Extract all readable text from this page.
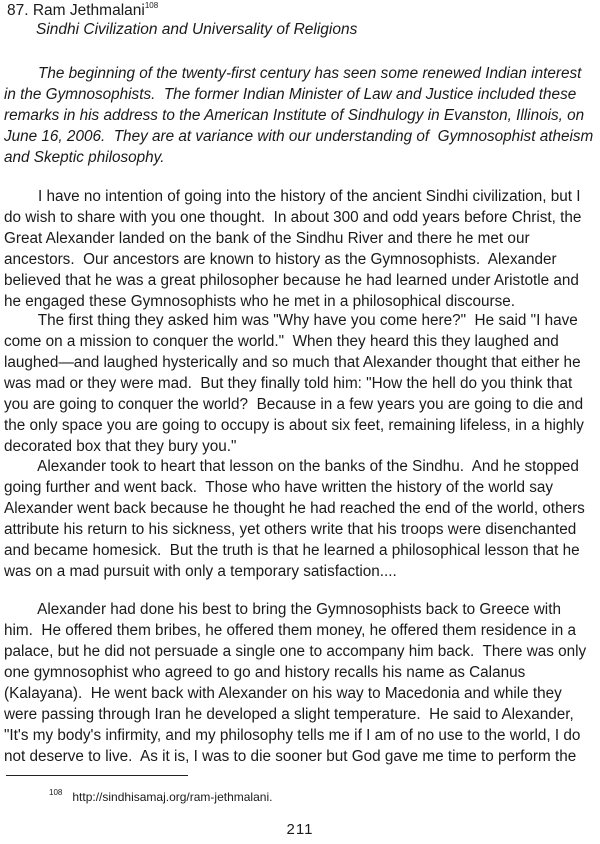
87. Ram Jethmalani$^{108}$
Sindhi Civilization and Universality of Religions
The beginning of the twenty-first century has seen some renewed Indian interest
in the Gymnosophists.  The former Indian Minister of Law and Justice included these
remarks in his address to the American Institute of Sindhulogy in Evanston, Illinois, on
June 16, 2006.  They are at variance with our understanding of  Gymnosophist atheism
and Skeptic philosophy.
I have no intention of going into the history of the ancient Sindhi civilization, but I
do wish to share with you one thought.  In about 300 and odd years before Christ, the
Great Alexander landed on the bank of the Sindhu River and there he met our
ancestors.  Our ancestors are known to history as the Gymnosophists.  Alexander
believed that he was a great philosopher because he had learned under Aristotle and
he engaged these Gymnosophists who he met in a philosophical discourse.
The first thing they asked him was "Why have you come here?"  He said "I have
come on a mission to conquer the world."  When they heard this they laughed and
laughed—and laughed hysterically and so much that Alexander thought that either he
was mad or they were mad.  But they finally told him: "How the hell do you think that
you are going to conquer the world?  Because in a few years you are going to die and
the only space you are going to occupy is about six feet, remaining lifeless, in a highly
decorated box that they bury you."
Alexander took to heart that lesson on the banks of the Sindhu.  And he stopped
going further and went back.  Those who have written the history of the world say
Alexander went back because he thought he had reached the end of the world, others
attribute his return to his sickness, yet others write that his troops were disenchanted
and became homesick.  But the truth is that he learned a philosophical lesson that he
was on a mad pursuit with only a temporary satisfaction....
Alexander had done his best to bring the Gymnosophists back to Greece with
him.  He offered them bribes, he offered them money, he offered them residence in a
palace, but he did not persuade a single one to accompany him back.  There was only
one gymnosophist who agreed to go and history recalls his name as Calanus
(Kalayana).  He went back with Alexander on his way to Macedonia and while they
were passing through Iran he developed a slight temperature.  He said to Alexander,
"It's my body's infirmity, and my philosophy tells me if I am of no use to the world, I do
not deserve to live.  As it is, I was to die sooner but God gave me time to perform the
$^{108}$ http://sindhisamaj.org/ram-jethmalani.
211
